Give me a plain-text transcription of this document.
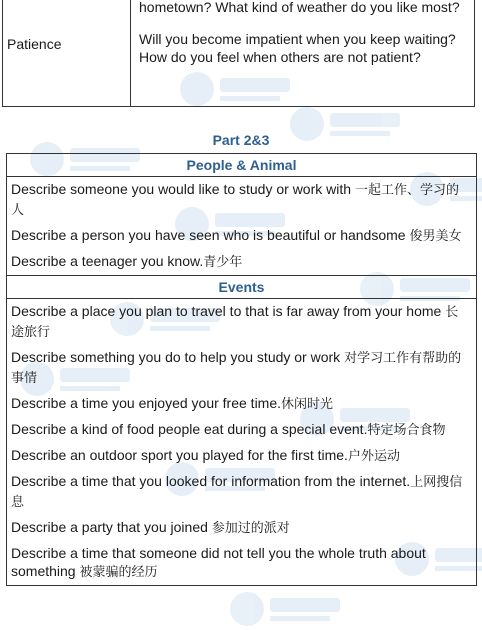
Patience

hometown? What kind of weather do you like most?

Will you become impatient when you keep waiting? How do you feel when others are not patient?

Part 2&3
People & Animal
Describe someone you would like to study or work with 一起工作、学习的人
Describe a person you have seen who is beautiful or handsome 俊男美女
Describe a teenager you know.青少年
Events
Describe a place you plan to travel to that is far away from your home 长途旅行
Describe something you do to help you study or work 对学习工作有帮助的事情
Describe a time you enjoyed your free time.休闲时光
Describe a kind of food people eat during a special event.特定场合食物
Describe an outdoor sport you played for the first time.户外运动
Describe a time that you looked for information from the internet.上网搜信息
Describe a party that you joined 参加过的派对
Describe a time that someone did not tell you the whole truth about something 被蒙骗的经历
